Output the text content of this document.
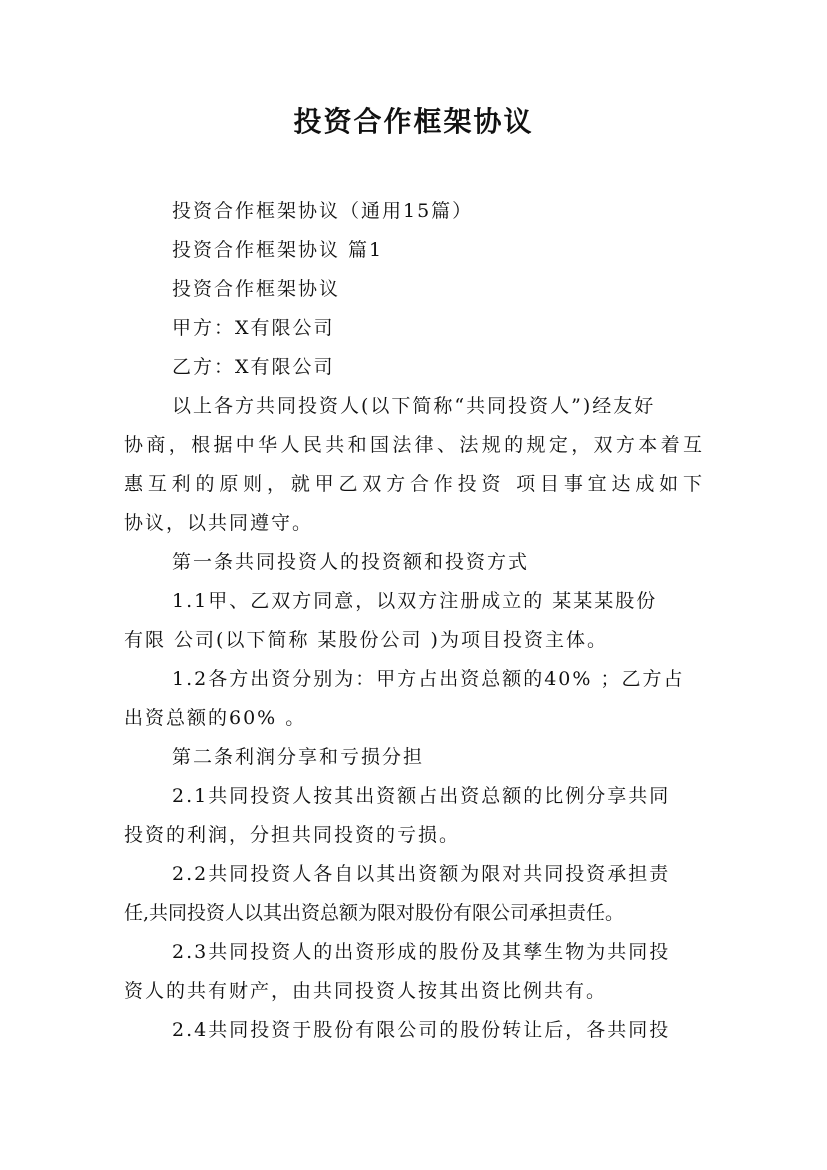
投资合作框架协议
投资合作框架协议（通用15篇）
投资合作框架协议 篇1
投资合作框架协议
甲方：X有限公司
乙方：X有限公司
以上各方共同投资人(以下简称“共同投资人”)经友好
协商，根据中华人民共和国法律、法规的规定，双方本着互
惠互利的原则，就甲乙双方合作投资 项目事宜达成如下
协议，以共同遵守。
第一条共同投资人的投资额和投资方式
1.1甲、乙双方同意，以双方注册成立的 某某某股份
有限 公司(以下简称 某股份公司 )为项目投资主体。
1.2各方出资分别为：甲方占出资总额的40% ；乙方占
出资总额的60% 。
第二条利润分享和亏损分担
2.1共同投资人按其出资额占出资总额的比例分享共同
投资的利润，分担共同投资的亏损。
2.2共同投资人各自以其出资额为限对共同投资承担责
任,共同投资人以其出资总额为限对股份有限公司承担责任。
2.3共同投资人的出资形成的股份及其孳生物为共同投
资人的共有财产，由共同投资人按其出资比例共有。
2.4共同投资于股份有限公司的股份转让后，各共同投
